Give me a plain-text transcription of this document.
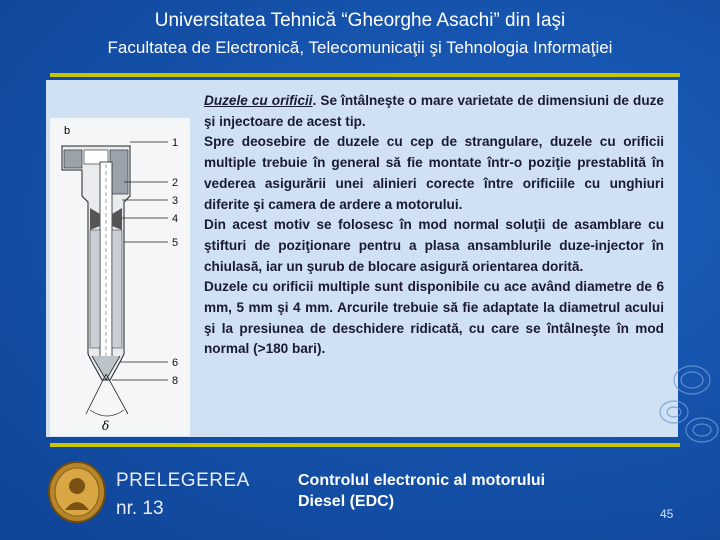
Universitatea Tehnică “Gheorghe Asachi” din Iaşi
Facultatea de Electronică, Telecomunicaţii şi Tehnologia Informaţiei
b
δ
1
2
3
4
5
6
8

Duzele cu orificii. Se întâlneşte o mare varietate de dimensiuni de duze şi injectoare de acest tip.

Spre deosebire de duzele cu cep de strangulare, duzele cu orificii multiple trebuie în general să fie montate într-o poziţie prestablită în vederea asigurării unei alinieri corecte între orificiile cu unghiuri diferite şi camera de ardere a motorului.

Din acest motiv se folosesc în mod normal soluţii de asamblare cu ştifturi de poziţionare pentru a plasa ansamblurile duze-injector în chiulasă, iar un şurub de blocare asigură orientarea dorită.

Duzele cu orificii multiple sunt disponibile cu ace având diametre de 6 mm, 5 mm şi 4 mm. Arcurile trebuie să fie adaptate la diametrul acului şi la presiunea de deschidere ridicată, cu care se întâlneşte în mod normal (>180 bari).

PRELEGEREA
nr. 13
Controlul electronic al motorului
Diesel (EDC)
45
